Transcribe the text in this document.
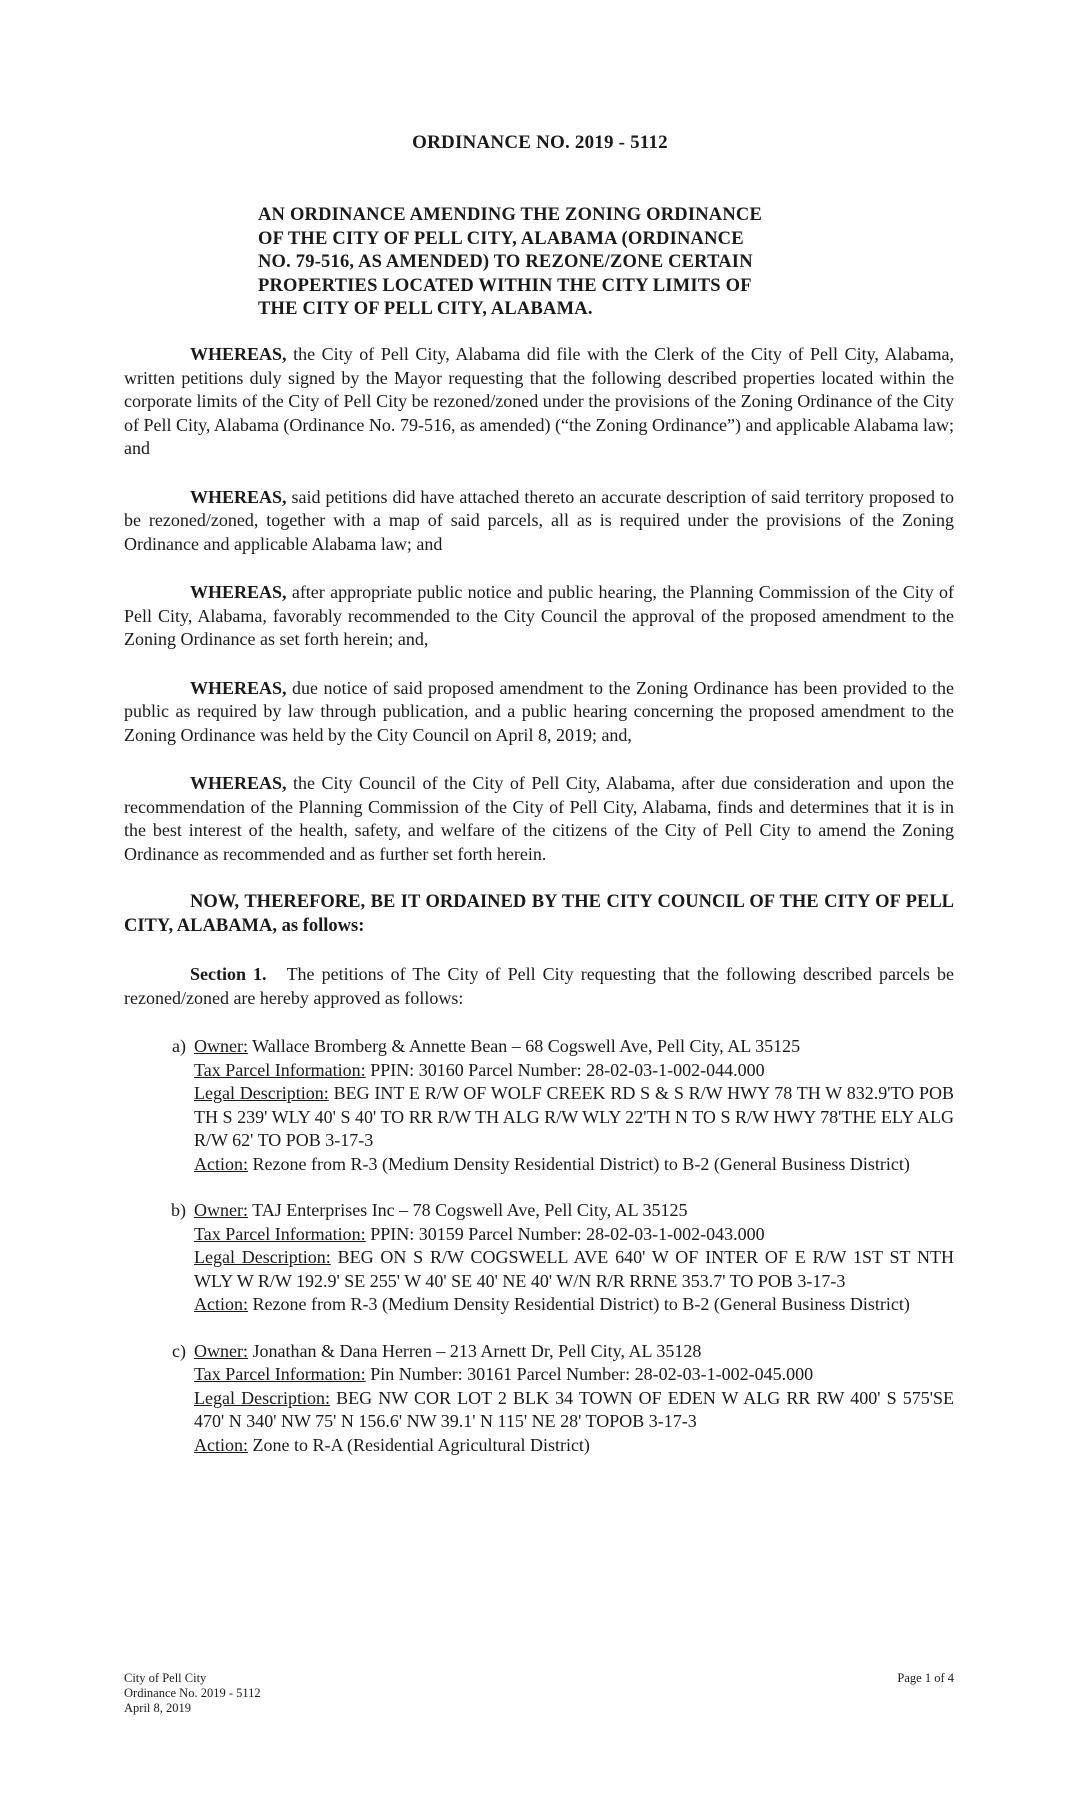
ORDINANCE NO. 2019 - 5112
AN ORDINANCE AMENDING THE ZONING ORDINANCE
OF THE CITY OF PELL CITY, ALABAMA (ORDINANCE
NO. 79-516, AS AMENDED) TO REZONE/ZONE CERTAIN
PROPERTIES LOCATED WITHIN THE CITY LIMITS OF
THE CITY OF PELL CITY, ALABAMA.

WHEREAS, the City of Pell City, Alabama did file with the Clerk of the City of Pell City, Alabama, written petitions duly signed by the Mayor requesting that the following described properties located within the corporate limits of the City of Pell City be rezoned/zoned under the provisions of the Zoning Ordinance of the City of Pell City, Alabama (Ordinance No. 79-516, as amended) (“the Zoning Ordinance”) and applicable Alabama law; and

WHEREAS, said petitions did have attached thereto an accurate description of said territory proposed to be rezoned/zoned, together with a map of said parcels, all as is required under the provisions of the Zoning Ordinance and applicable Alabama law; and

WHEREAS, after appropriate public notice and public hearing, the Planning Commission of the City of Pell City, Alabama, favorably recommended to the City Council the approval of the proposed amendment to the Zoning Ordinance as set forth herein; and,

WHEREAS, due notice of said proposed amendment to the Zoning Ordinance has been provided to the public as required by law through publication, and a public hearing concerning the proposed amendment to the Zoning Ordinance was held by the City Council on April 8, 2019; and,

WHEREAS, the City Council of the City of Pell City, Alabama, after due consideration and upon the recommendation of the Planning Commission of the City of Pell City, Alabama, finds and determines that it is in the best interest of the health, safety, and welfare of the citizens of the City of Pell City to amend the Zoning Ordinance as recommended and as further set forth herein.

NOW, THEREFORE, BE IT ORDAINED BY THE CITY COUNCIL OF THE CITY OF PELL CITY, ALABAMA, as follows:

Section 1. The petitions of The City of Pell City requesting that the following described parcels be rezoned/zoned are hereby approved as follows:

a) Owner: Wallace Bromberg & Annette Bean – 68 Cogswell Ave, Pell City, AL 35125
Tax Parcel Information: PPIN: 30160 Parcel Number: 28-02-03-1-002-044.000
Legal Description: BEG INT E R/W OF WOLF CREEK RD S & S R/W HWY 78 TH W 832.9'TO POB TH S 239' WLY 40' S 40' TO RR R/W TH ALG R/W WLY 22'TH N TO S R/W HWY 78'THE ELY ALG R/W 62' TO POB 3-17-3
Action: Rezone from R-3 (Medium Density Residential District) to B-2 (General Business District)
b) Owner: TAJ Enterprises Inc – 78 Cogswell Ave, Pell City, AL 35125
Tax Parcel Information: PPIN: 30159 Parcel Number: 28-02-03-1-002-043.000
Legal Description: BEG ON S R/W COGSWELL AVE 640' W OF INTER OF E R/W 1ST ST NTH WLY W R/W 192.9' SE 255' W 40' SE 40' NE 40' W/N R/R RRNE 353.7' TO POB 3-17-3
Action: Rezone from R-3 (Medium Density Residential District) to B-2 (General Business District)
c) Owner: Jonathan & Dana Herren – 213 Arnett Dr, Pell City, AL 35128
Tax Parcel Information: Pin Number: 30161 Parcel Number: 28-02-03-1-002-045.000
Legal Description: BEG NW COR LOT 2 BLK 34 TOWN OF EDEN W ALG RR RW 400' S 575'SE 470' N 340' NW 75' N 156.6' NW 39.1' N 115' NE 28' TOPOB 3-17-3
Action: Zone to R-A (Residential Agricultural District)
City of Pell City
Ordinance No. 2019 - 5112
April 8, 2019
Page 1 of 4
